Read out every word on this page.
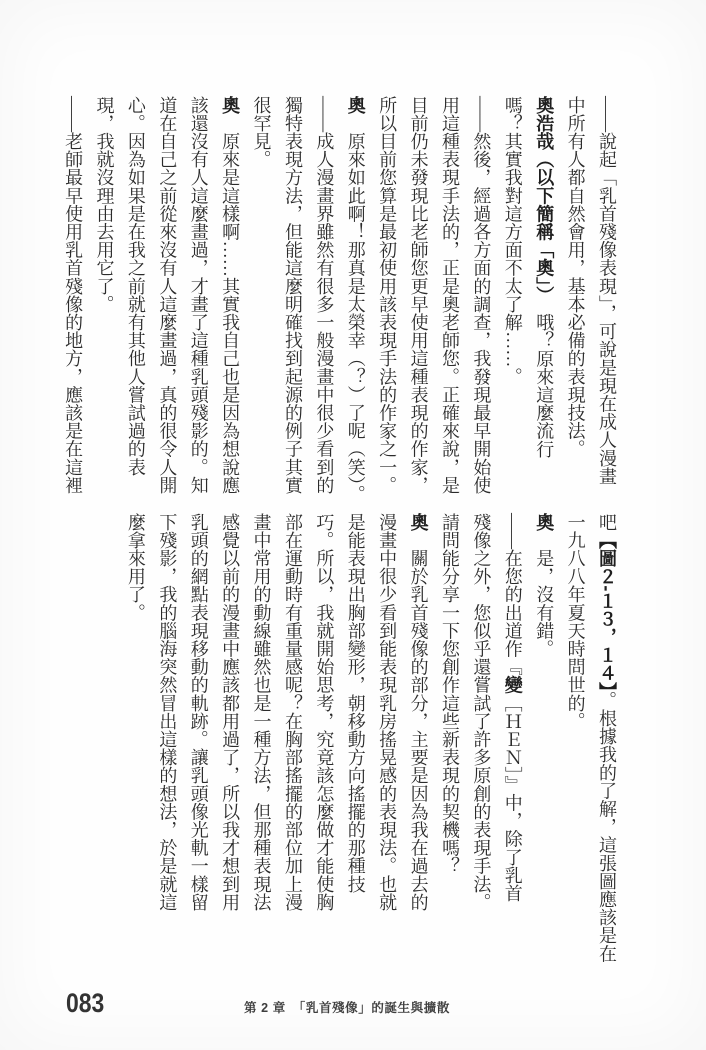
——說起「乳首殘像表現」，可說是現在成人漫畫
中所有人都自然會用，基本必備的表現技法。
奧浩哉（以下簡稱「奧」）　哦？原來這麼流行
嗎？其實我對這方面不太了解……。
——然後，經過各方面的調查，我發現最早開始使
用這種表現手法的，正是奧老師您。正確來說，是
目前仍未發現比老師您更早使用這種表現的作家，
所以目前您算是最初使用該表現手法的作家之一。
奧　原來如此啊！那真是太榮幸（？）了呢（笑）。
——成人漫畫界雖然有很多一般漫畫中很少看到的
獨特表現方法，但能這麼明確找到起源的例子其實
很罕見。
奧　原來是這樣啊……其實我自己也是因為想說應
該還沒有人這麼畫過，才畫了這種乳頭殘影的。知
道在自己之前從來沒有人這麼畫過，真的很令人開
心。因為如果是在我之前就有其他人嘗試過的表
現，我就沒理由去用它了。
——老師最早使用乳首殘像的地方，應該是在這裡
吧【圖２-１３，１４】。根據我的了解，這張圖應該是在
一九八八年夏天時問世的。
奧　是，沒有錯。
——在您的出道作『變［ＨＥＮ］』中，除了乳首
殘像之外，您似乎還嘗試了許多原創的表現手法。
請問能分享一下您創作這些新表現的契機嗎？
奧　關於乳首殘像的部分，主要是因為我在過去的
漫畫中很少看到能表現乳房搖晃感的表現法。也就
是能表現出胸部變形，朝移動方向搖擺的那種技
巧。所以，我就開始思考，究竟該怎麼做才能使胸
部在運動時有重量感呢？在胸部搖擺的部位加上漫
畫中常用的動線雖然也是一種方法，但那種表現法
感覺以前的漫畫中應該都用過了，所以我才想到用
乳頭的網點表現移動的軌跡。讓乳頭像光軌一樣留
下殘影，我的腦海突然冒出這樣的想法，於是就這
麼拿來用了。
083	第 2 章　「乳首殘像」的誕生與擴散
